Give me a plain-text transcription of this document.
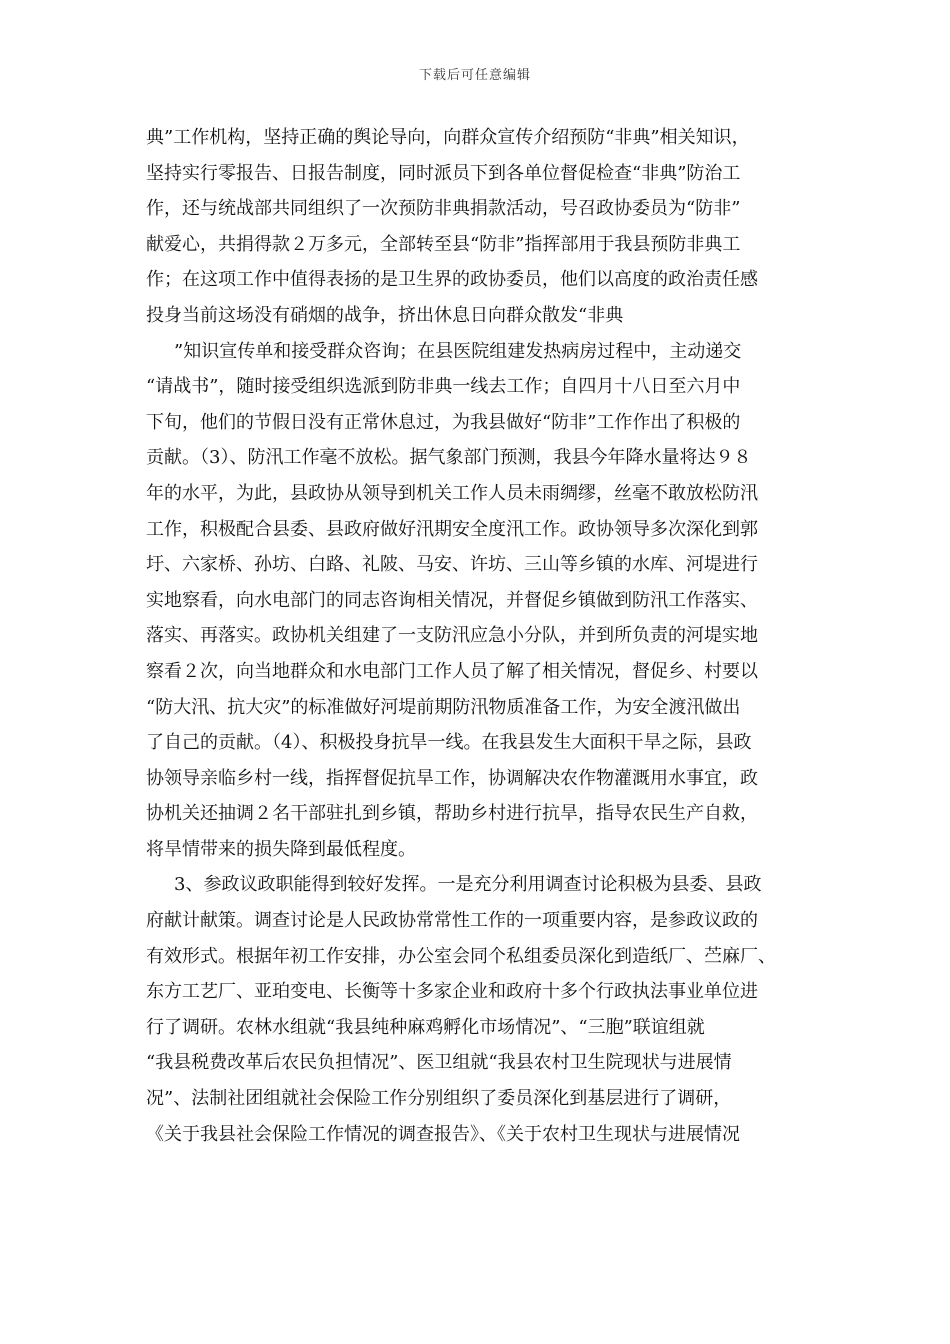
下载后可任意编辑
典”工作机构，坚持正确的舆论导向，向群众宣传介绍预防“非典”相关知识，
坚持实行零报告、日报告制度，同时派员下到各单位督促检查“非典”防治工
作，还与统战部共同组织了一次预防非典捐款活动，号召政协委员为“防非”
献爱心，共捐得款２万多元，全部转至县“防非”指挥部用于我县预防非典工
作；在这项工作中值得表扬的是卫生界的政协委员，他们以高度的政治责任感
投身当前这场没有硝烟的战争，挤出休息日向群众散发“非典
”知识宣传单和接受群众咨询；在县医院组建发热病房过程中，主动递交
“请战书”，随时接受组织选派到防非典一线去工作；自四月十八日至六月中
下旬，他们的节假日没有正常休息过，为我县做好“防非”工作作出了积极的
贡献。（3）、防汛工作毫不放松。据气象部门预测，我县今年降水量将达９８
年的水平，为此，县政协从领导到机关工作人员未雨绸缪，丝毫不敢放松防汛
工作，积极配合县委、县政府做好汛期安全度汛工作。政协领导多次深化到郭
圩、六家桥、孙坊、白路、礼陂、马安、许坊、三山等乡镇的水库、河堤进行
实地察看，向水电部门的同志咨询相关情况，并督促乡镇做到防汛工作落实、
落实、再落实。政协机关组建了一支防汛应急小分队，并到所负责的河堤实地
察看２次，向当地群众和水电部门工作人员了解了相关情况，督促乡、村要以
“防大汛、抗大灾”的标准做好河堤前期防汛物质准备工作，为安全渡汛做出
了自己的贡献。（4）、积极投身抗旱一线。在我县发生大面积干旱之际，县政
协领导亲临乡村一线，指挥督促抗旱工作，协调解决农作物灌溉用水事宜，政
协机关还抽调２名干部驻扎到乡镇，帮助乡村进行抗旱，指导农民生产自救，
将旱情带来的损失降到最低程度。
3、参政议政职能得到较好发挥。一是充分利用调查讨论积极为县委、县政
府献计献策。调查讨论是人民政协常常性工作的一项重要内容，是参政议政的
有效形式。根据年初工作安排，办公室会同个私组委员深化到造纸厂、苎麻厂、
东方工艺厂、亚珀变电、长衡等十多家企业和政府十多个行政执法事业单位进
行了调研。农林水组就“我县纯种麻鸡孵化市场情况”、“三胞”联谊组就
“我县税费改革后农民负担情况”、医卫组就“我县农村卫生院现状与进展情
况”、法制社团组就社会保险工作分别组织了委员深化到基层进行了调研，
《关于我县社会保险工作情况的调查报告》、《关于农村卫生现状与进展情况
